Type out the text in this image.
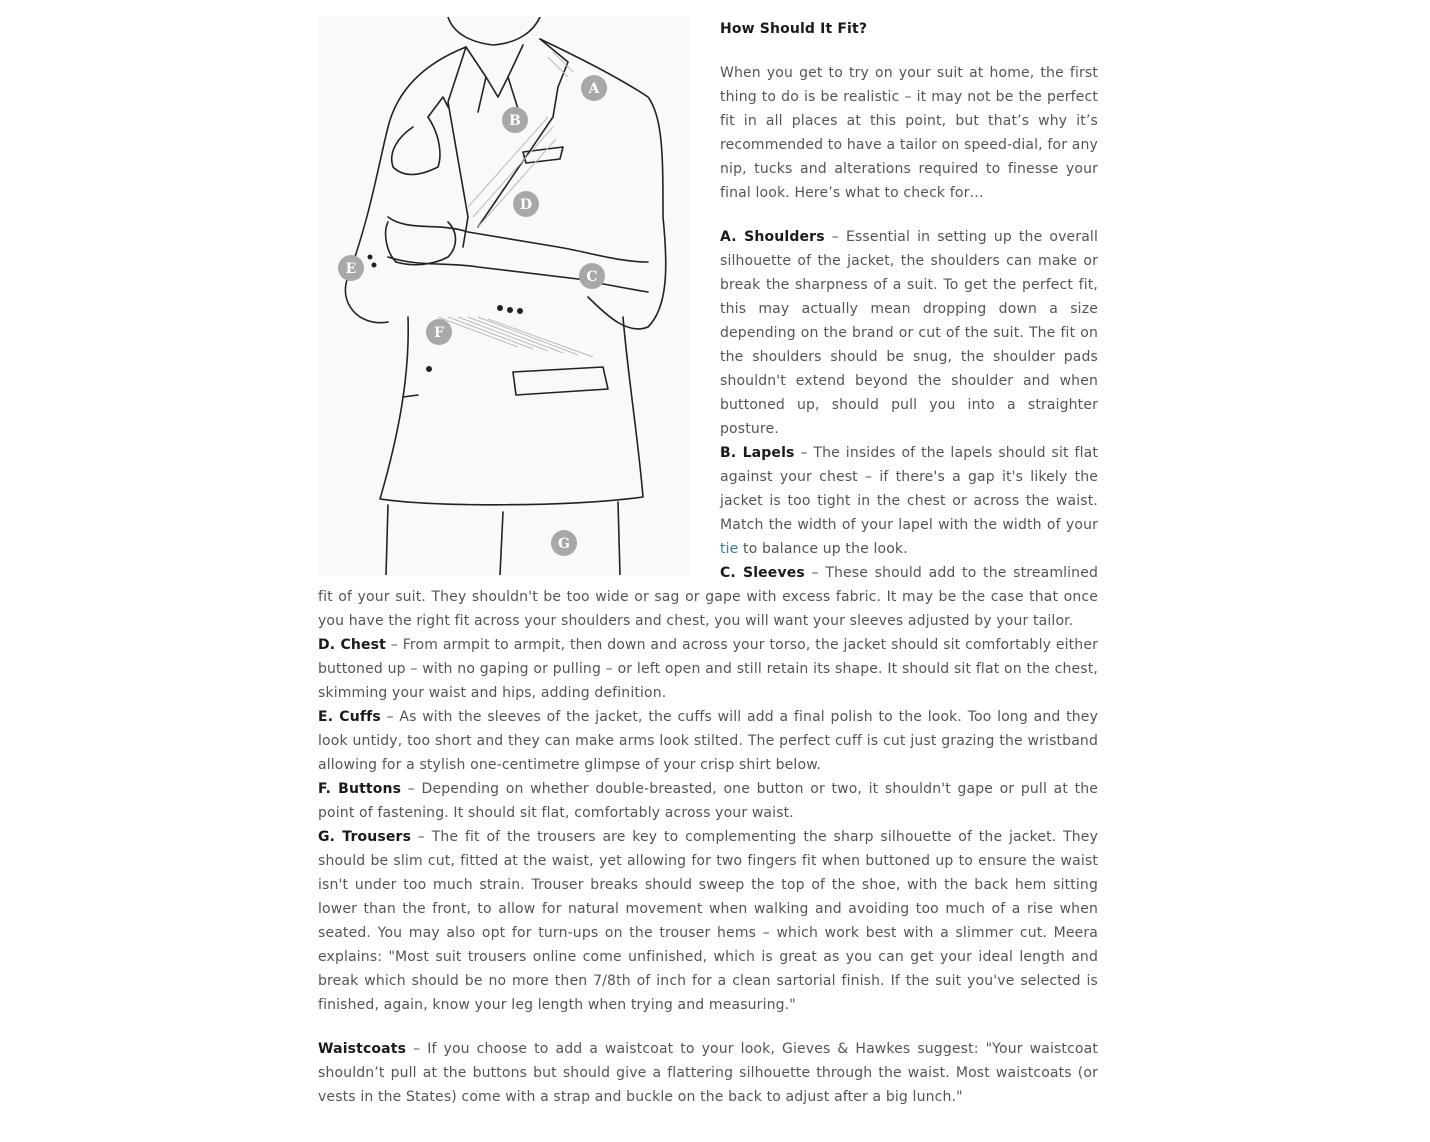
A
B
C
D
E
F
G
How Should It Fit?

When you get to try on your suit at home, the first thing to do is be realistic – it may not be the perfect fit in all places at this point, but that’s why it’s recommended to have a tailor on speed-dial, for any nip, tucks and alterations required to finesse your final look. Here’s what to check for…

A. Shoulders – Essential in setting up the overall silhouette of the jacket, the shoulders can make or break the sharpness of a suit. To get the perfect fit, this may actually mean dropping down a size depending on the brand or cut of the suit. The fit on the shoulders should be snug, the shoulder pads shouldn't extend beyond the shoulder and when buttoned up, should pull you into a straighter posture.

B. Lapels – The insides of the lapels should sit flat against your chest – if there's a gap it's likely the jacket is too tight in the chest or across the waist. Match the width of your lapel with the width of your tie to balance up the look.

C. Sleeves – These should add to the streamlined fit of your suit. They shouldn't be too wide or sag or gape with excess fabric. It may be the case that once you have the right fit across your shoulders and chest, you will want your sleeves adjusted by your tailor.

D. Chest – From armpit to armpit, then down and across your torso, the jacket should sit comfortably either buttoned up – with no gaping or pulling – or left open and still retain its shape. It should sit flat on the chest, skimming your waist and hips, adding definition.

E. Cuffs – As with the sleeves of the jacket, the cuffs will add a final polish to the look. Too long and they look untidy, too short and they can make arms look stilted. The perfect cuff is cut just grazing the wristband allowing for a stylish one-centimetre glimpse of your crisp shirt below.

F. Buttons – Depending on whether double-breasted, one button or two, it shouldn't gape or pull at the point of fastening. It should sit flat, comfortably across your waist.

G. Trousers – The fit of the trousers are key to complementing the sharp silhouette of the jacket. They should be slim cut, fitted at the waist, yet allowing for two fingers fit when buttoned up to ensure the waist isn't under too much strain. Trouser breaks should sweep the top of the shoe, with the back hem sitting lower than the front, to allow for natural movement when walking and avoiding too much of a rise when seated. You may also opt for turn-ups on the trouser hems – which work best with a slimmer cut. Meera explains: "Most suit trousers online come unfinished, which is great as you can get your ideal length and break which should be no more then 7/8th of inch for a clean sartorial finish. If the suit you've selected is finished, again, know your leg length when trying and measuring."

Waistcoats – If you choose to add a waistcoat to your look, Gieves & Hawkes suggest: "Your waistcoat shouldn’t pull at the buttons but should give a flattering silhouette through the waist. Most waistcoats (or vests in the States) come with a strap and buckle on the back to adjust after a big lunch."
